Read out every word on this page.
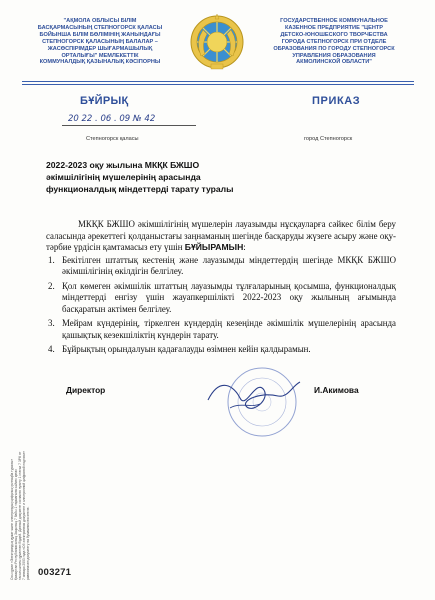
"АҚМОЛА ОБЛЫСЫ БІЛІМ
БАСҚАРМАСЫНЫҢ СТЕПНОГОРСК ҚАЛАСЫ
БОЙЫНША БІЛІМ БӨЛІМІНІҢ ЖАНЫНДАҒЫ
СТЕПНОГОРСК ҚАЛАСЫНЫҢ БАЛАЛАР –
ЖАСӨСПІРІМДЕР ШЫҒАРМАШЫЛЫҚ
ОРТАЛЫҒЫ" МЕМЛЕКЕТТІК
КОММУНАЛДЫҚ ҚАЗЫНАЛЫҚ КӘСІПОРНЫ
ГОСУДАРСТВЕННОЕ КОММУНАЛЬНОЕ
КАЗЕННОЕ ПРЕДПРИЯТИЕ "ЦЕНТР
ДЕТСКО-ЮНОШЕСКОГО ТВОРЧЕСТВА
ГОРОДА СТЕПНОГОРСК ПРИ ОТДЕЛЕ
ОБРАЗОВАНИЯ ПО ГОРОДУ СТЕПНОГОРСК
УПРАВЛЕНИЯ ОБРАЗОВАНИЯ
АКМОЛИНСКОЙ ОБЛАСТИ"
БҰЙРЫҚ	ПРИКАЗ
20 22 . 06 . 09 № 42
Степногорск қаласы	город Степногорск
2022-2023 оқу жылына МКҚК БЖШО
әкімшілігінің мүшелерінің арасында
функционалдық міндеттерді тарату туралы

МКҚК БЖШО әкімшілігінің мүшелерін лауазымды нұсқауларға сәйкес білім беру саласында әрекеттегі қолданыстағы заңнаманың шегінде басқаруды жүзеге асыру және оқу-тәрбие үрдісін қамтамасыз ету үшін БҰЙЫРАМЫН:

1. Бекітілген штаттық кестенің және лауазымды міндеттердің шегінде МКҚК БЖШО әкімшілігінің өкілдігін белгілеу.
2. Қол көмеген әкімшілік штаттың лауазымды тұлғаларының қосымша, функционалдық міндеттерді енгізу үшін жауапкершілікті 2022-2023 оқу жылының ағымында басқаратын актімен белгілеу.
3. Мейрам күндерінің, тіркелген күндердің кезеңінде әкімшілік мүшелерінің арасында қашықтық кезекшіліктің күндерін тарату.
4. Бұйрықтың орындалуын қадағалауды өзімнен кейін қалдырамын.
Директор	И.Акимова
Осы құжат «Электрондық құжат және электрондық цифрлық қолтаңба туралы» Қазақстан Республикасының Заңының 7 бабы 1 тармағына сәйкес қағаз тасығыштағы құжатпен бірдей. Данный документ согласно пункту 1 статьи 7 ЗРК от 7 января 2003 года «Об электронном документе и электронной цифровой подписи» равнозначен документу на бумажном носителе. 003271
